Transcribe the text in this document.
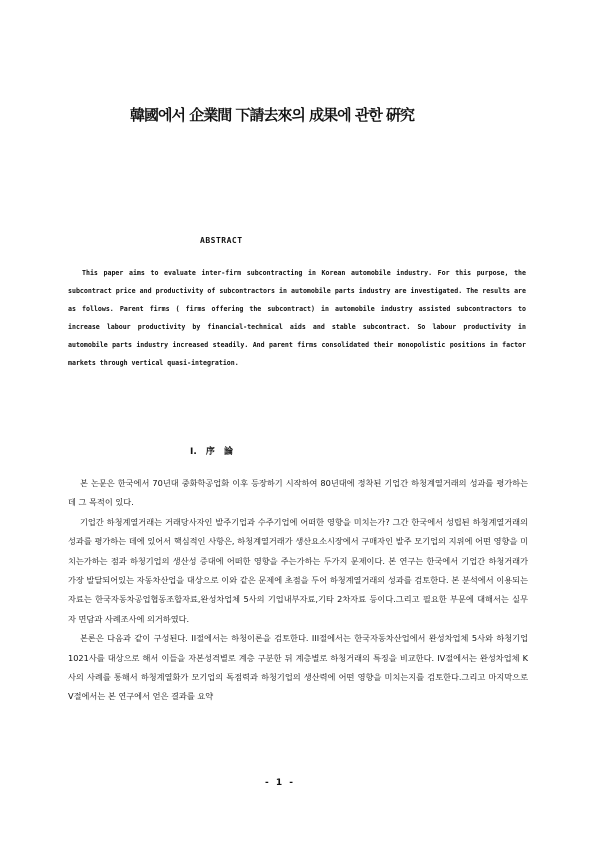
韓國에서 企業間 下請去來의 成果에 관한 硏究
ABSTRACT
This paper aims to evaluate inter-firm subcontracting in Korean automobile industry. For this purpose, the subcontract price and productivity of subcontractors in automobile parts industry are investigated. The results are as follows. Parent firms ( firms offering the subcontract) in automobile industry assisted subcontractors to increase labour productivity by financial-technical aids and stable subcontract. So labour productivity in automobile parts industry increased steadily. And parent firms consolidated their monopolistic positions in factor markets through vertical quasi-integration.
I. 序 論

본 논문은 한국에서 70년대 중화학공업화 이후 등장하기 시작하여 80년대에 정착된 기업간 하청계열거래의 성과를 평가하는데 그 목적이 있다.

기업간 하청계열거래는 거래당사자인 발주기업과 수주기업에 어떠한 영향을 미치는가? 그간 한국에서 성립된 하청계열거래의 성과를 평가하는 데에 있어서 핵심적인 사항은, 하청계열거래가 생산요소시장에서 구매자인 발주 모기업의 지위에 어떤 영향을 미치는가하는 점과 하청기업의 생산성 증대에 어떠한 영향을 주는가하는 두가지 문제이다. 본 연구는 한국에서 기업간 하청거래가 가장 발달되어있는 자동차산업을 대상으로 이와 같은 문제에 초점을 두어 하청계열거래의 성과를 검토한다. 본 분석에서 이용되는 자료는 한국자동차공업협동조합자료,완성차업체 5사의 기업내부자료,기타 2차자료 등이다.그리고 필요한 부문에 대해서는 실무자 면담과 사례조사에 의거하였다.

본론은 다음과 같이 구성된다. II절에서는 하청이론을 검토한다. III절에서는 한국자동차산업에서 완성차업체 5사와 하청기업 1021사를 대상으로 해서 이들을 자본성격별로 계층 구분한 뒤 계층별로 하청거래의 특징을 비교한다. IV절에서는 완성차업체 K사의 사례를 통해서 하청계열화가 모기업의 독점력과 하청기업의 생산력에 어떤 영향을 미치는지를 검토한다.그리고 마지막으로 V절에서는 본 연구에서 얻은 결과를 요약

- 1 -
